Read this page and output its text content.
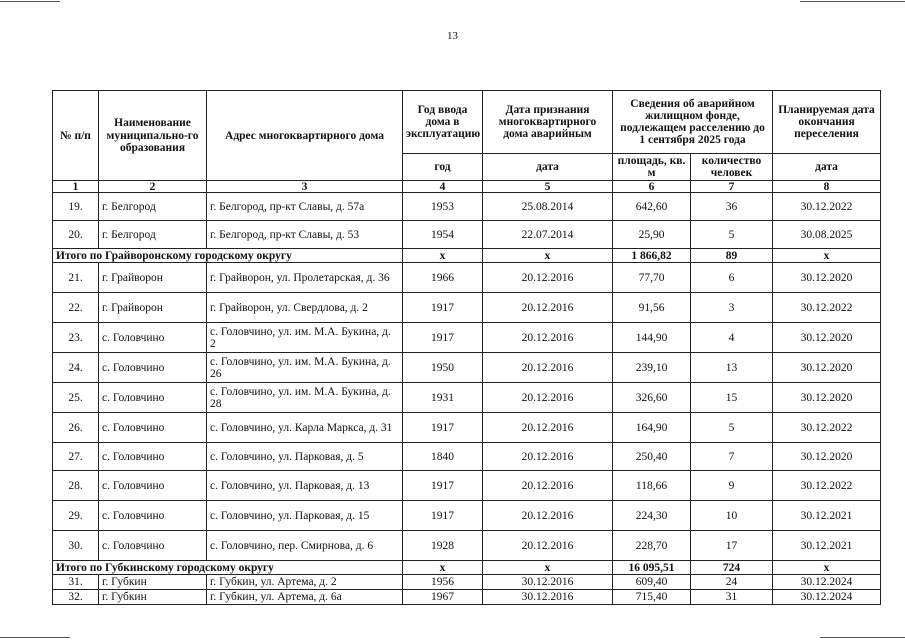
13
№ п/п	Наименование муниципально-го образования	Адрес многоквартирного дома	Год ввода дома в эксплуатацию	Дата признания многоквартирного дома аварийным	Сведения об аварийном жилищном фонде, подлежащем расселению до 1 сентября 2025 года		Планируемая дата окончания переселения
			год	дата	площадь, кв. м	количество человек	дата
1	2	3	4	5	6	7	8
19.	г. Белгород	г. Белгород, пр-кт Славы, д. 57а	1953	25.08.2014	642,60	36	30.12.2022
20.	г. Белгород	г. Белгород, пр-кт Славы, д. 53	1954	22.07.2014	25,90	5	30.08.2025
Итого по Грайворонскому городскому округу			х	х	1 866,82	89	х
21.	г. Грайворон	г. Грайворон, ул. Пролетарская, д. 36	1966	20.12.2016	77,70	6	30.12.2020
22.	г. Грайворон	г. Грайворон, ул. Свердлова, д. 2	1917	20.12.2016	91,56	3	30.12.2022
23.	с. Головчино	с. Головчино, ул. им. М.А. Букина, д. 2	1917	20.12.2016	144,90	4	30.12.2020
24.	с. Головчино	с. Головчино, ул. им. М.А. Букина, д. 26	1950	20.12.2016	239,10	13	30.12.2020
25.	с. Головчино	с. Головчино, ул. им. М.А. Букина, д. 28	1931	20.12.2016	326,60	15	30.12.2020
26.	с. Головчино	с. Головчино, ул. Карла Маркса, д. 31	1917	20.12.2016	164,90	5	30.12.2022
27.	с. Головчино	с. Головчино, ул. Парковая, д. 5	1840	20.12.2016	250,40	7	30.12.2020
28.	с. Головчино	с. Головчино, ул. Парковая, д. 13	1917	20.12.2016	118,66	9	30.12.2022
29.	с. Головчино	с. Головчино, ул. Парковая, д. 15	1917	20.12.2016	224,30	10	30.12.2021
30.	с. Головчино	с. Головчино, пер. Смирнова, д. 6	1928	20.12.2016	228,70	17	30.12.2021
Итого по Губкинскому городскому округу			х	х	16 095,51	724	х
31.	г. Губкин	г. Губкин, ул. Артема, д. 2	1956	30.12.2016	609,40	24	30.12.2024
32.	г. Губкин	г. Губкин, ул. Артема, д. 6а	1967	30.12.2016	715,40	31	30.12.2024
